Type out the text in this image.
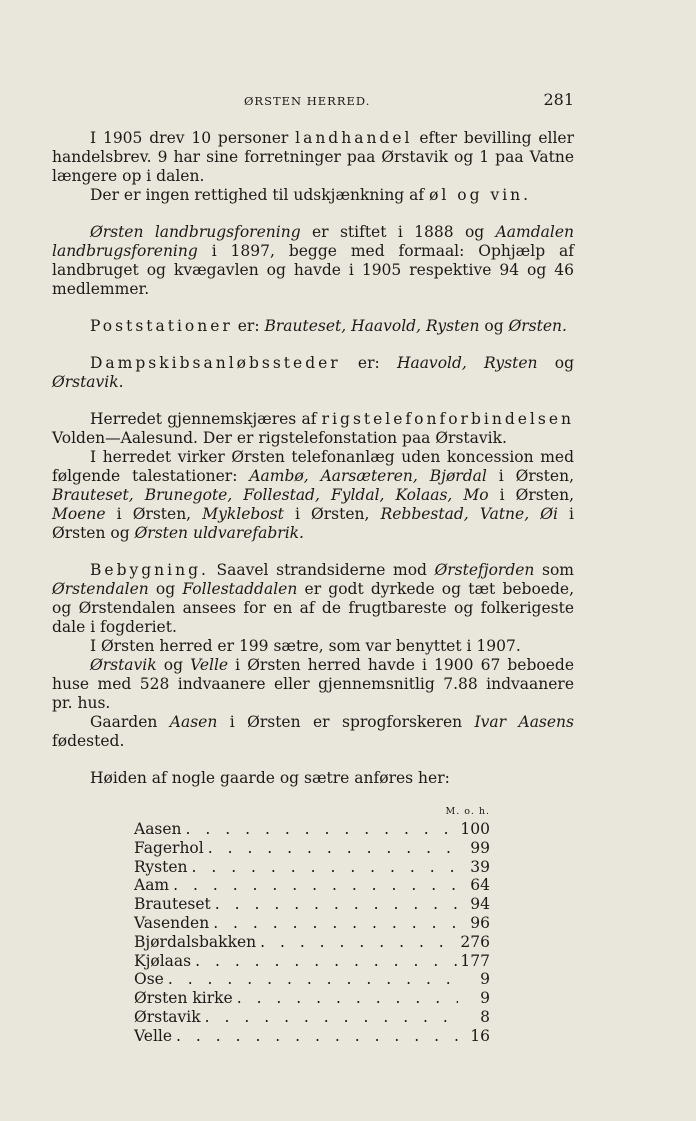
ØRSTEN HERRED.	281

I 1905 drev 10 personer landhandel efter bevilling eller handelsbrev. 9 har sine forretninger paa Ørstavik og 1 paa Vatne længere op i dalen.

Der er ingen rettighed til udskjænkning af øl og vin.

Ørsten landbrugsforening er stiftet i 1888 og Aamdalen landbrugsforening i 1897, begge med formaal: Ophjælp af landbruget og kvægavlen og havde i 1905 respektive 94 og 46 medlemmer.

Poststationer er: Brauteset, Haavold, Rysten og Ørsten.

Dampskibsanløbssteder er: Haavold, Rysten og Ørstavik.

Herredet gjennemskjæres af rigstelefonforbindelsen Volden—Aalesund. Der er rigstelefonstation paa Ørstavik.

I herredet virker Ørsten telefonanlæg uden koncession med følgende talestationer: Aambø, Aarsæteren, Bjørdal i Ørsten, Brauteset, Brunegote, Follestad, Fyldal, Kolaas, Mo i Ørsten, Moene i Ørsten, Myklebost i Ørsten, Rebbestad, Vatne, Øi i Ørsten og Ørsten uldvarefabrik.

Bebygning. Saavel strandsiderne mod Ørstefjorden som Ørstendalen og Follestaddalen er godt dyrkede og tæt beboede, og Ørstendalen ansees for en af de frugtbareste og folkerigeste dale i fogderiet.

I Ørsten herred er 199 sætre, som var benyttet i 1907.

Ørstavik og Velle i Ørsten herred havde i 1900 67 beboede huse med 528 indvaanere eller gjennemsnitlig 7.88 indvaanere pr. hus.

Gaarden Aasen i Ørsten er sprogforskeren Ivar Aasens fødested.

Høiden af nogle gaarde og sætre anføres her:

M. o. h.
Aasen . . .	100
Fagerhol . . .	99
Rysten . . .	39
Aam . . .	64
Brauteset . . .	94
Vasenden . . .	96
Bjørdalsbakken . . .	276
Kjølaas . . .	177
Ose . . .	9
Ørsten kirke . . .	9
Ørstavik . . .	8
Velle . . .	16
